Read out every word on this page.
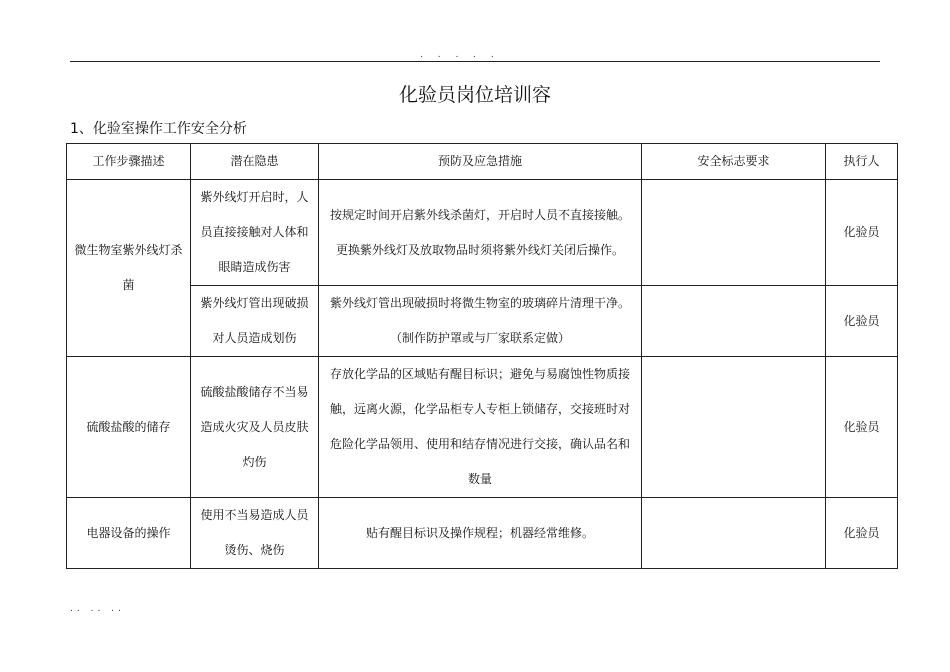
. . . . .
化验员岗位培训容
1、化验室操作工作安全分析
工作步骤描述	潜在隐患	预防及应急措施	安全标志要求	执行人
微生物室紫外线灯杀菌	紫外线灯开启时，人员直接接触对人体和眼睛造成伤害	按规定时间开启紫外线杀菌灯，开启时人员不直接接触。更换紫外线灯及放取物品时须将紫外线灯关闭后操作。		化验员
	紫外线灯管出现破损对人员造成划伤	紫外线灯管出现破损时将微生物室的玻璃碎片清理干净。（制作防护罩或与厂家联系定做）		化验员
硫酸盐酸的储存	硫酸盐酸储存不当易造成火灾及人员皮肤灼伤	存放化学品的区域贴有醒目标识；避免与易腐蚀性物质接触，远离火源，化学品柜专人专柜上锁储存，交接班时对危险化学品领用、使用和结存情况进行交接，确认品名和数量		化验员
电器设备的操作	使用不当易造成人员烫伤、烧伤	贴有醒目标识及操作规程；机器经常维修。		化验员
.. .. ..
